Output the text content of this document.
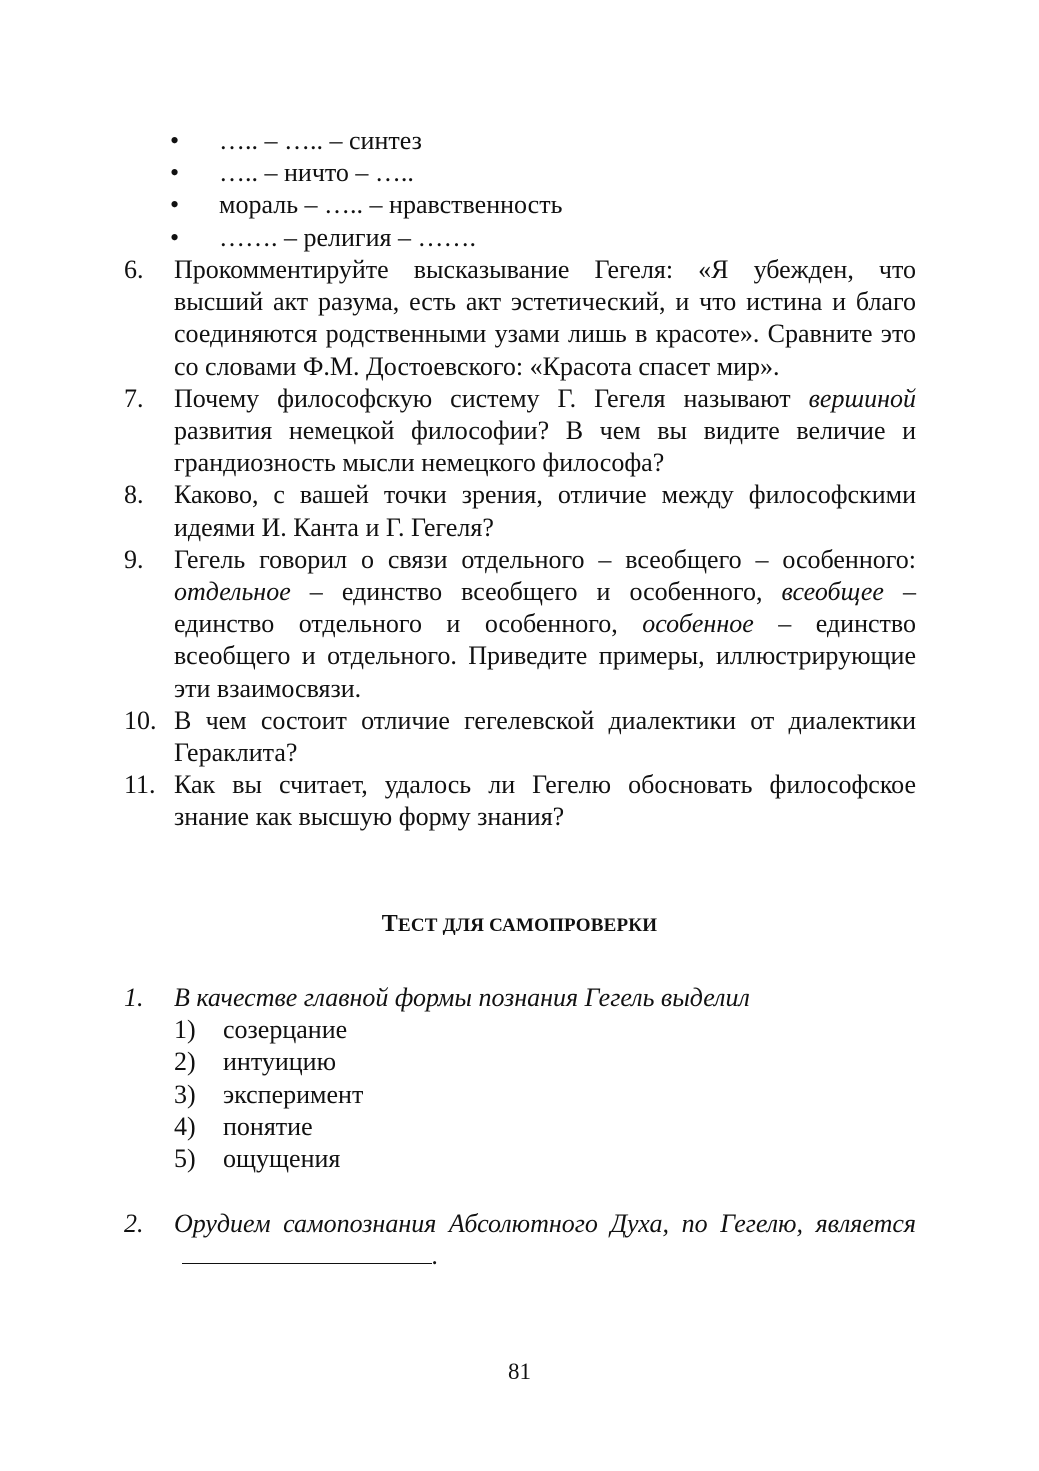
•	….. – ….. – синтез
•	….. – ничто – …..
•	мораль – ….. – нравственность
•	……. – религия – …….
6. Прокомментируйте высказывание Гегеля: «Я убежден, что высший акт разума, есть акт эстетический, и что истина и благо соединяются родственными узами лишь в красоте». Сравните это со словами Ф.М. Достоевского: «Красота спасет мир».
7. Почему философскую систему Г. Гегеля называют вершиной развития немецкой философии? В чем вы видите величие и грандиозность мысли немецкого философа?
8. Каково, с вашей точки зрения, отличие между философскими идеями И. Канта и Г. Гегеля?
9. Гегель говорил о связи отдельного – всеобщего – особенного: отдельное – единство всеобщего и особенного, всеобщее – единство отдельного и особенного, особенное – единство всеобщего и отдельного. Приведите примеры, иллюстрирующие эти взаимосвязи.
10. В чем состоит отличие гегелевской диалектики от диалектики Гераклита?
11. Как вы считает, удалось ли Гегелю обосновать философское знание как высшую форму знания?
ТЕСТ ДЛЯ САМОПРОВЕРКИ
1. В качестве главной формы познания Гегель выделил
1) созерцание
2) интуицию
3) эксперимент
4) понятие
5) ощущения
2. Орудием самопознания Абсолютного Духа, по Гегелю, является.
81
